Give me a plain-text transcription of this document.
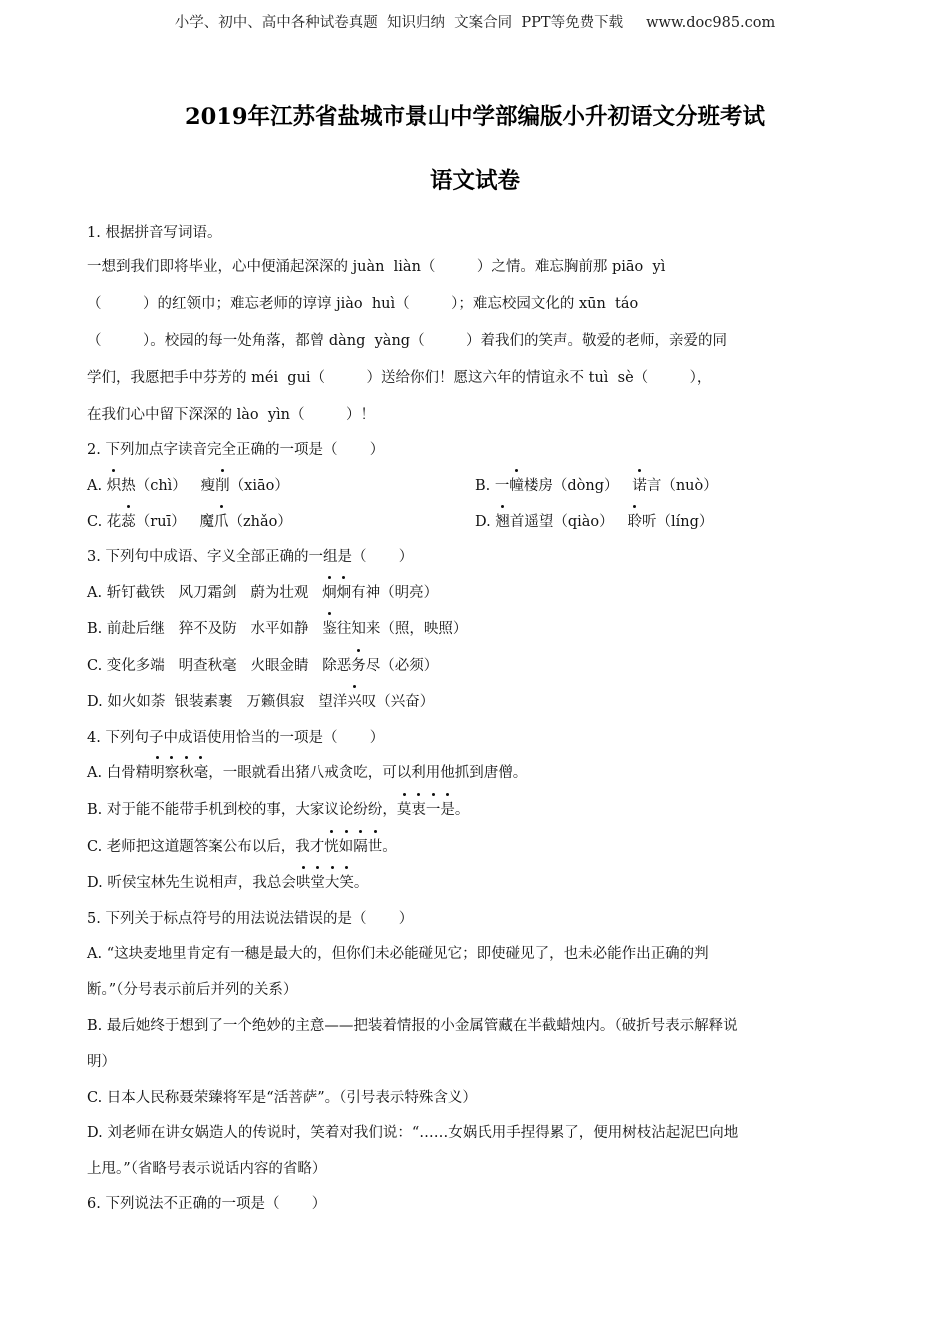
小学、初中、高中各种试卷真题  知识归纳  文案合同  PPT等免费下载     www.doc985.com
2019年江苏省盐城市景山中学部编版小升初语文分班考试
语文试卷
1. 根据拼音写词语。
一想到我们即将毕业，心中便涌起深深的 juàn  liàn（         ）之情。难忘胸前那 piāo  yì
（         ）的红领巾；难忘老师的谆谆 jiào  huì（         ）；难忘校园文化的 xūn  táo
（         ）。校园的每一处角落，都曾 dàng  yàng（         ）着我们的笑声。敬爱的老师，亲爱的同
学们，我愿把手中芬芳的 méi  gui（         ）送给你们！愿这六年的情谊永不 tuì  sè（         ），
在我们心中留下深深的 lào  yìn（         ）！
2. 下列加点字读音完全正确的一项是（       ）
A. 炽热（chì） 瘦削（xiāo）	B. 一幢楼房（dòng） 诺言（nuò）
C. 花蕊（ruī） 魔爪（zhǎo）	D. 翘首遥望（qiào） 聆听（líng）
3. 下列句中成语、字义全部正确的一组是（       ）
A. 斩钉截铁   风刀霜剑   蔚为壮观   炯炯有神（明亮）
B. 前赴后继   猝不及防   水平如静   鉴往知来（照，映照）
C. 变化多端   明查秋毫   火眼金睛   除恶务尽（必须）
D. 如火如荼  银装素裹   万籁俱寂   望洋兴叹（兴奋）
4. 下列句子中成语使用恰当的一项是（       ）
A. 白骨精明察秋毫，一眼就看出猪八戒贪吃，可以利用他抓到唐僧。
B. 对于能不能带手机到校的事，大家议论纷纷，莫衷一是。
C. 老师把这道题答案公布以后，我才恍如隔世。
D. 听侯宝林先生说相声，我总会哄堂大笑。
5. 下列关于标点符号的用法说法错误的是（       ）
A. “这块麦地里肯定有一穗是最大的，但你们未必能碰见它；即使碰见了，也未必能作出正确的判
断。”（分号表示前后并列的关系）
B. 最后她终于想到了一个绝妙的主意——把装着情报的小金属管藏在半截蜡烛内。（破折号表示解释说
明）
C. 日本人民称聂荣臻将军是“活菩萨”。（引号表示特殊含义）
D. 刘老师在讲女娲造人的传说时，笑着对我们说：“……女娲氏用手捏得累了，便用树枝沾起泥巴向地
上甩。”（省略号表示说话内容的省略）
6. 下列说法不正确的一项是（       ）
